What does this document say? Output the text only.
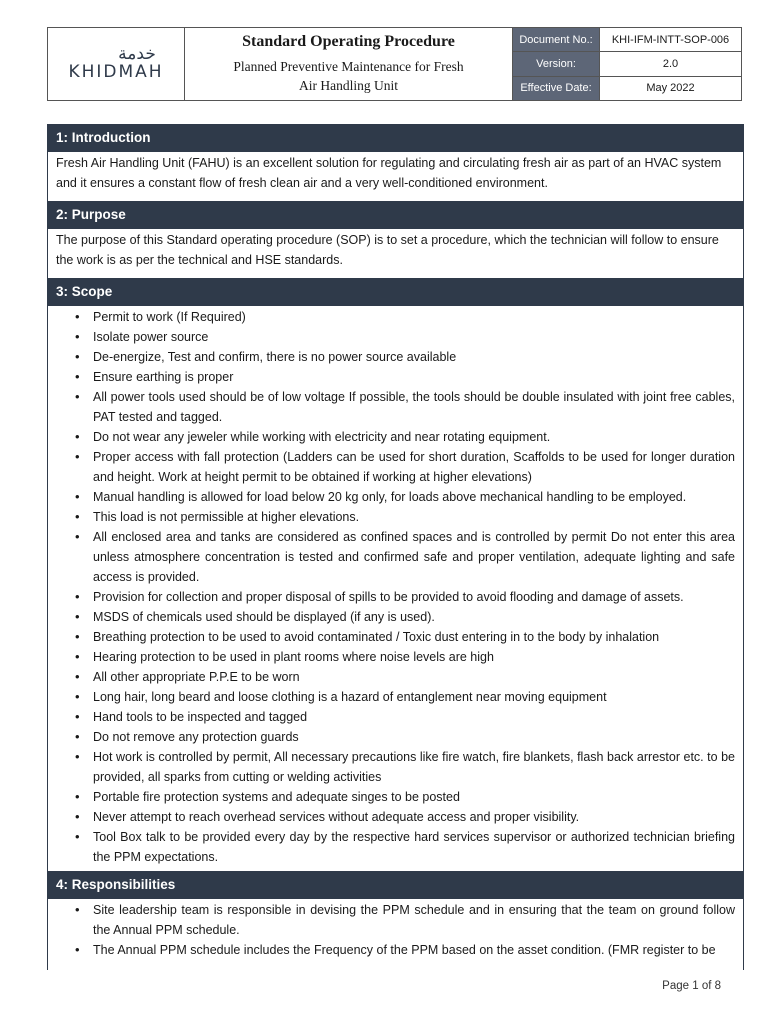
خدمة
KHIDMAH
Standard Operating Procedure
Planned Preventive Maintenance for Fresh Air Handling Unit
Document No.:	KHI-IFM-INTT-SOP-006
Version:	2.0
Effective Date:	May 2022
1: Introduction
Fresh Air Handling Unit (FAHU) is an excellent solution for regulating and circulating fresh air as part of an HVAC system and it ensures a constant flow of fresh clean air and a very well-conditioned environment.
2: Purpose
The purpose of this Standard operating procedure (SOP) is to set a procedure, which the technician will follow to ensure the work is as per the technical and HSE standards.
3: Scope
• Permit to work (If Required)
• Isolate power source
• De-energize, Test and confirm, there is no power source available
• Ensure earthing is proper
• All power tools used should be of low voltage If possible, the tools should be double insulated with joint free cables, PAT tested and tagged.
• Do not wear any jeweler while working with electricity and near rotating equipment.
• Proper access with fall protection (Ladders can be used for short duration, Scaffolds to be used for longer duration and height. Work at height permit to be obtained if working at higher elevations)
• Manual handling is allowed for load below 20 kg only, for loads above mechanical handling to be employed.
• This load is not permissible at higher elevations.
• All enclosed area and tanks are considered as confined spaces and is controlled by permit Do not enter this area unless atmosphere concentration is tested and confirmed safe and proper ventilation, adequate lighting and safe access is provided.
• Provision for collection and proper disposal of spills to be provided to avoid flooding and damage of assets.
• MSDS of chemicals used should be displayed (if any is used).
• Breathing protection to be used to avoid contaminated / Toxic dust entering in to the body by inhalation
• Hearing protection to be used in plant rooms where noise levels are high
• All other appropriate P.P.E to be worn
• Long hair, long beard and loose clothing is a hazard of entanglement near moving equipment
• Hand tools to be inspected and tagged
• Do not remove any protection guards
• Hot work is controlled by permit, All necessary precautions like fire watch, fire blankets, flash back arrestor etc. to be provided, all sparks from cutting or welding activities
• Portable fire protection systems and adequate singes to be posted
• Never attempt to reach overhead services without adequate access and proper visibility.
• Tool Box talk to be provided every day by the respective hard services supervisor or authorized technician briefing the PPM expectations.
4: Responsibilities
• Site leadership team is responsible in devising the PPM schedule and in ensuring that the team on ground follow the Annual PPM schedule.
• The Annual PPM schedule includes the Frequency of the PPM based on the asset condition. (FMR register to be
Page 1 of 8
